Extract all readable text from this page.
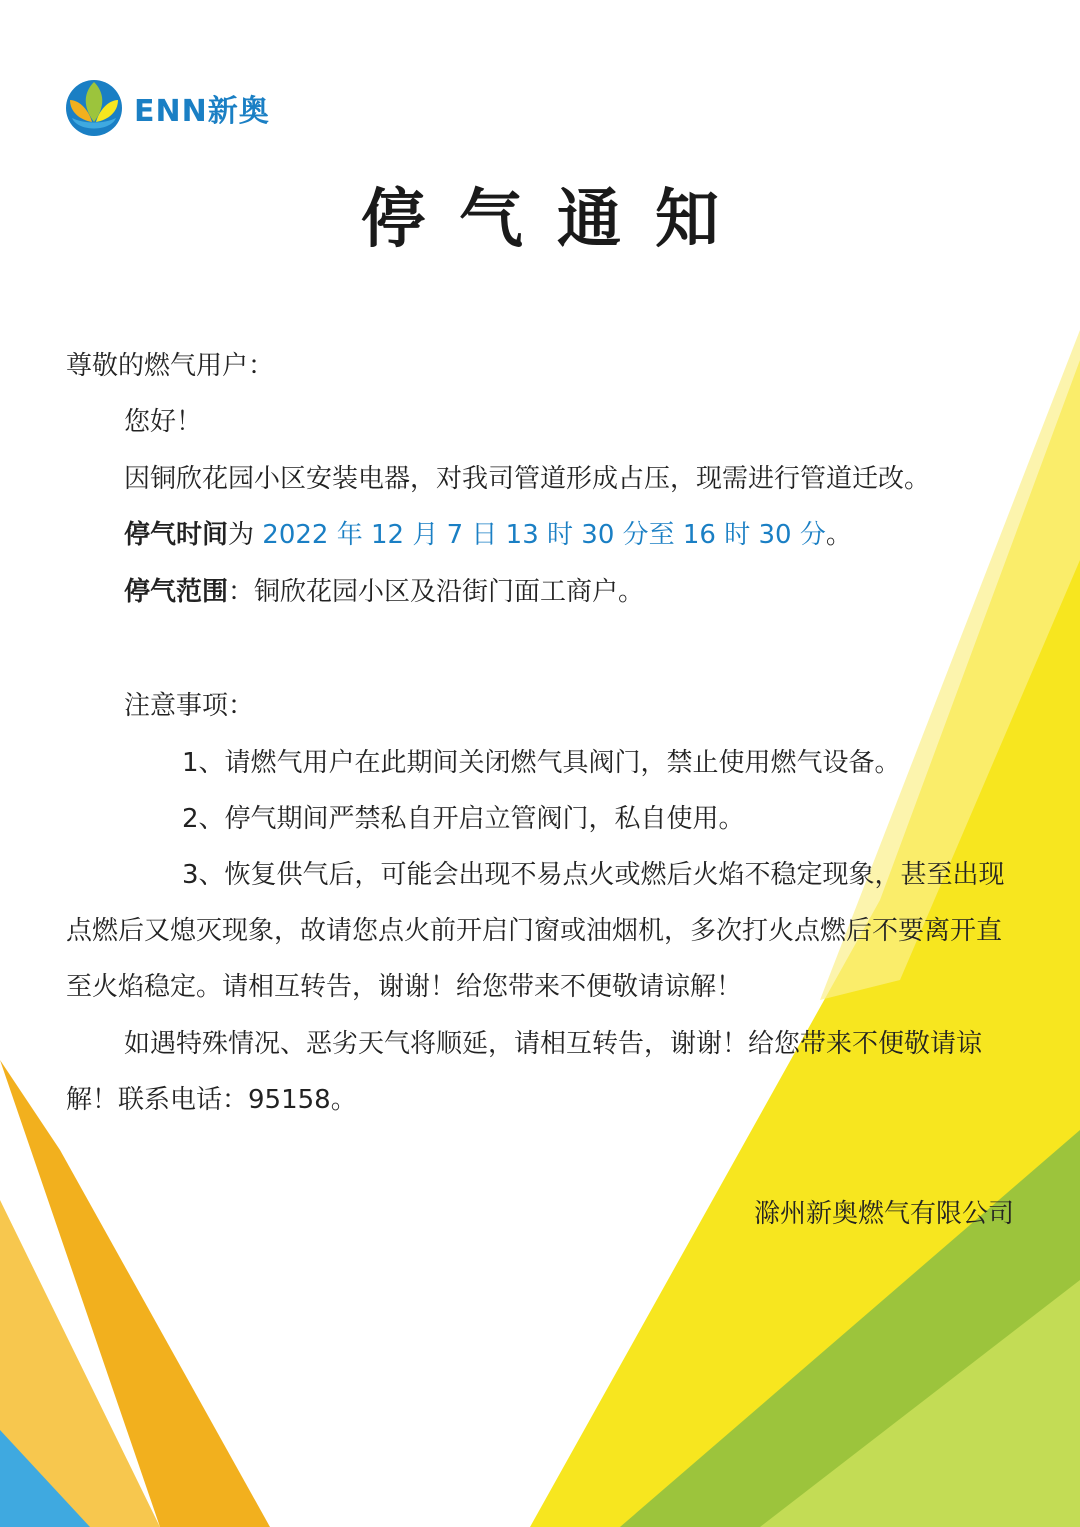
ENN新奥
停气通知
尊敬的燃气用户：
您好！
因铜欣花园小区安装电器，对我司管道形成占压，现需进行管道迁改。
停气时间为 2022 年 12 月 7 日 13 时 30 分至 16 时 30 分。
停气范围：铜欣花园小区及沿街门面工商户。
注意事项：
1、请燃气用户在此期间关闭燃气具阀门，禁止使用燃气设备。
2、停气期间严禁私自开启立管阀门，私自使用。
3、恢复供气后，可能会出现不易点火或燃后火焰不稳定现象，甚至出现点燃后又熄灭现象，故请您点火前开启门窗或油烟机，多次打火点燃后不要离开直至火焰稳定。请相互转告，谢谢！给您带来不便敬请谅解！
如遇特殊情况、恶劣天气将顺延，请相互转告，谢谢！给您带来不便敬请谅解！联系电话：95158。
滁州新奥燃气有限公司
